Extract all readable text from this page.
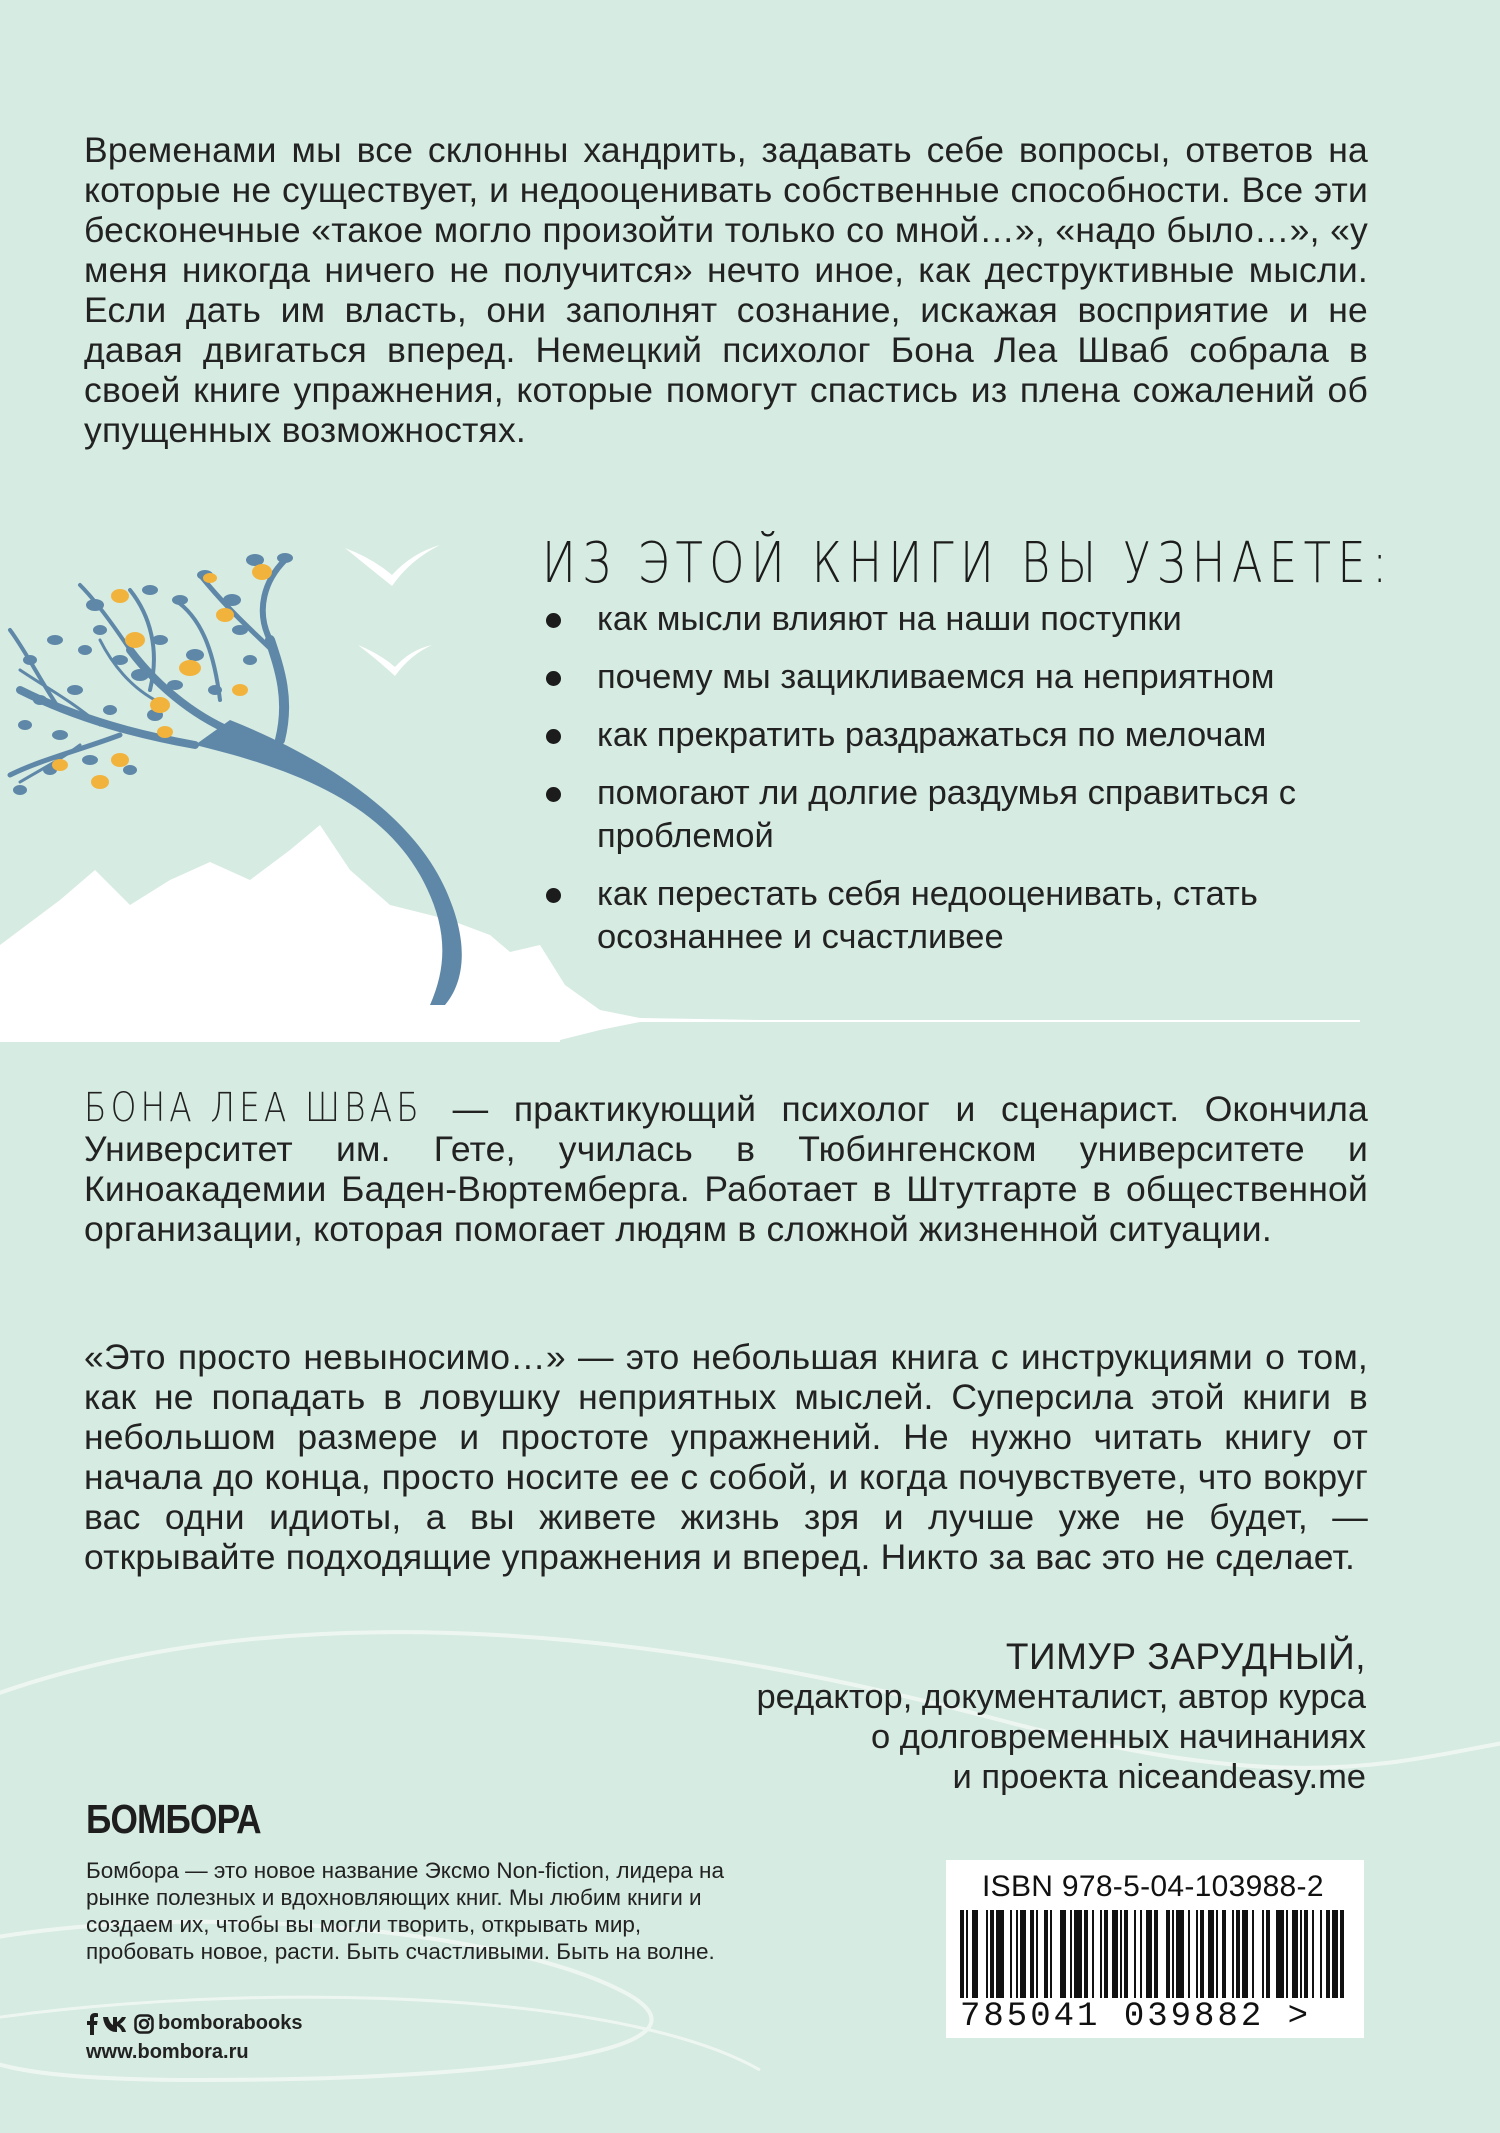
Временами мы все склонны хандрить, задавать себе вопросы, ответов на которые не существует, и недооценивать собственные способности. Все эти бесконечные «такое могло произойти только со мной…», «надо было…», «у меня никогда ничего не получится» нечто иное, как деструктивные мысли. Если дать им власть, они заполнят сознание, искажая восприятие и не давая двигаться вперед. Немецкий психолог Бона Леа Шваб собрала в своей книге упражнения, которые помогут спастись из плена сожалений об упущенных возможностях.
ИЗ ЭТОЙ КНИГИ ВЫ УЗНАЕТЕ:
как мысли влияют на наши поступки
почему мы зацикливаемся на неприятном
как прекратить раздражаться по мелочам
помогают ли долгие раздумья справиться с проблемой
как перестать себя недооценивать, стать осознаннее и счастливее
БОНА ЛЕА ШВАБ — практикующий психолог и сценарист. Окончила Университет им. Гете, училась в Тюбингенском университете и Киноакадемии Баден-Вюртемберга. Работает в Штутгарте в общественной организации, которая помогает людям в сложной жизненной ситуации.
«Это просто невыносимо…» — это небольшая книга с инструкциями о том, как не попадать в ловушку неприятных мыслей. Суперсила этой книги в небольшом размере и простоте упражнений. Не нужно читать книгу от начала до конца, просто носите ее с собой, и когда почувствуете, что вокруг вас одни идиоты, а вы живете жизнь зря и лучше уже не будет, — открывайте подходящие упражнения и вперед. Никто за вас это не сделает.
ТИМУР ЗАРУДНЫЙ,
редактор, документалист, автор курса
о долговременных начинаниях
и проекта niceandeasy.me
БОМБОРА
Бомбора — это новое название Эксмо Non-fiction, лидера на рынке полезных и вдохновляющих книг. Мы любим книги и создаем их, чтобы вы могли творить, открывать мир, пробовать новое, расти. Быть счастливыми. Быть на волне.
bomborabooks
www.bombora.ru
ISBN 978-5-04-103988-2
785041 039882 >
